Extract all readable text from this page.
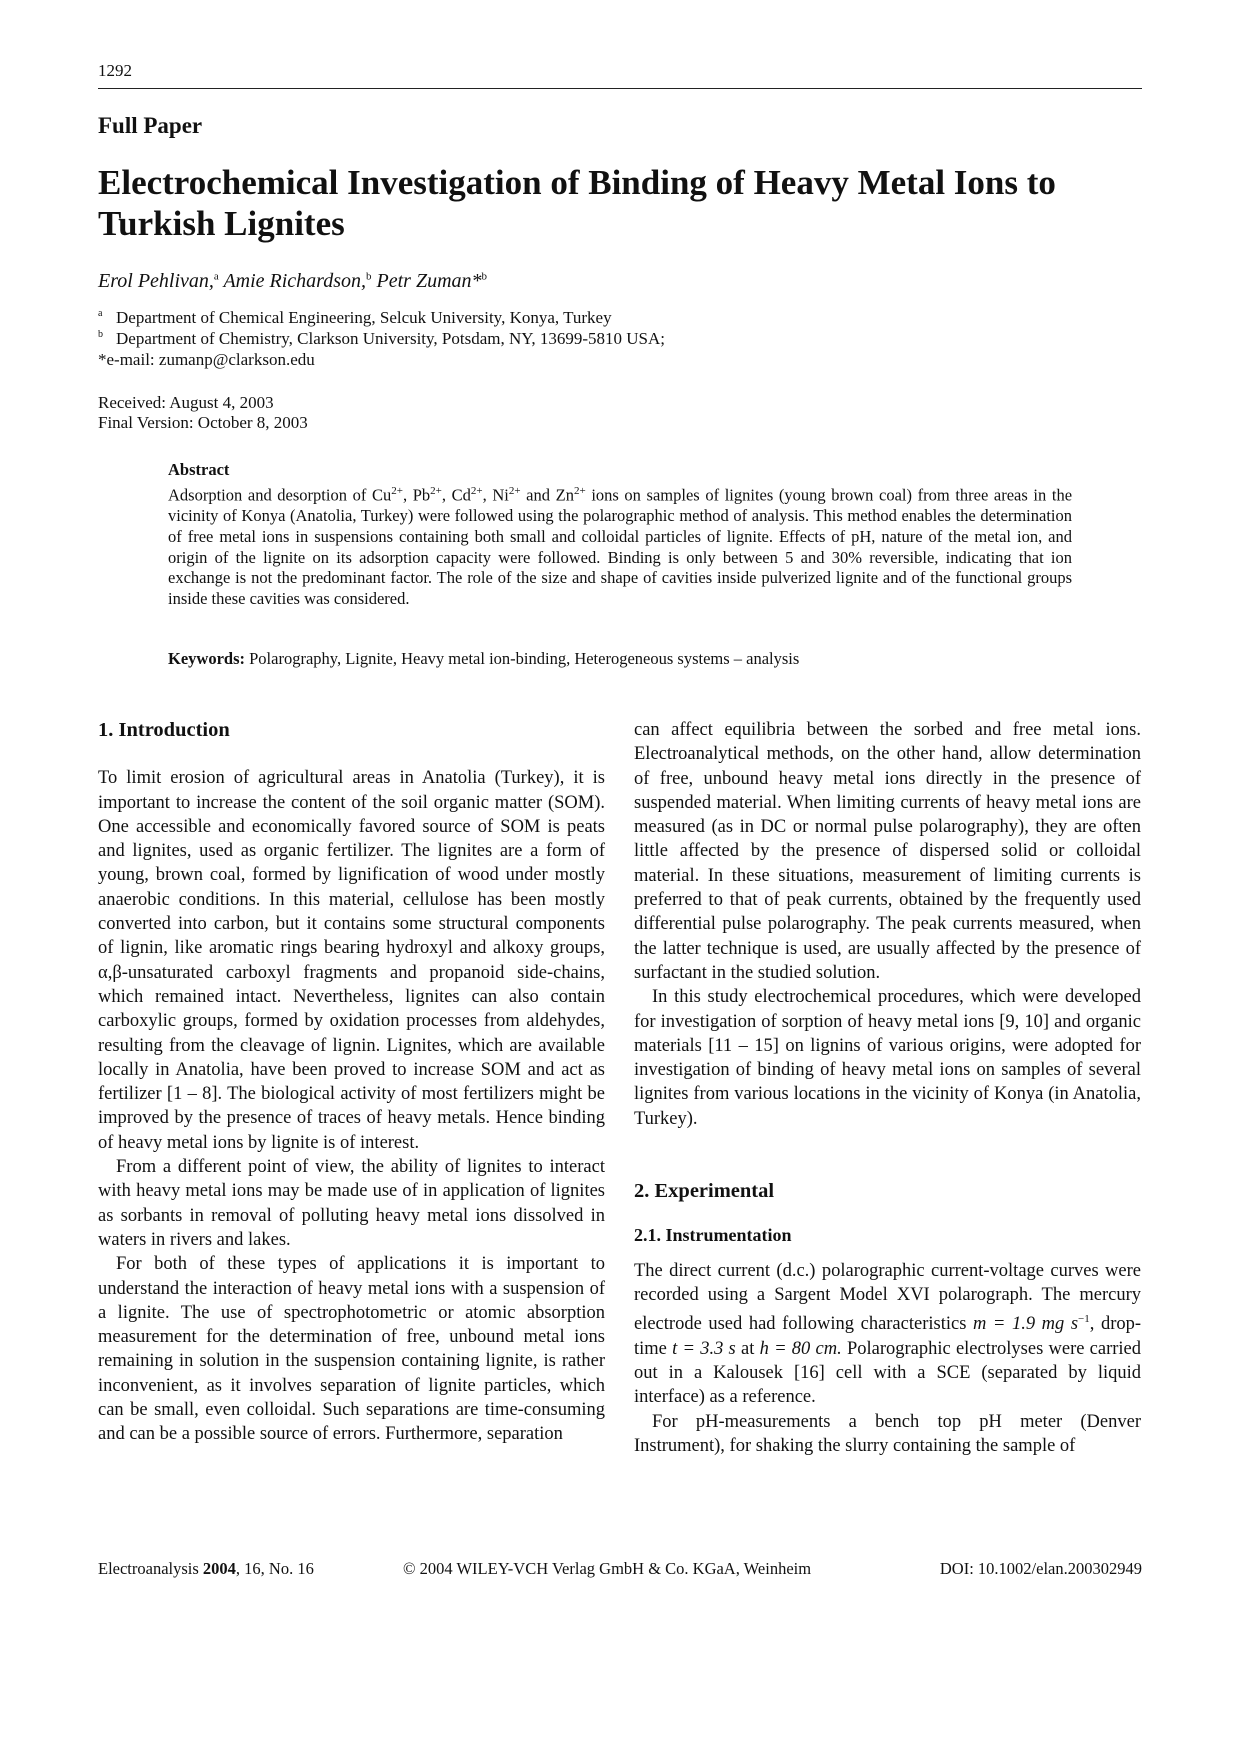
1292
Full Paper
Electrochemical Investigation of Binding of Heavy Metal Ions to Turkish Lignites
Erol Pehlivan,$^a$ Amie Richardson,$^b$ Petr Zuman*$^b$
a Department of Chemical Engineering, Selcuk University, Konya, Turkey
b Department of Chemistry, Clarkson University, Potsdam, NY, 13699-5810 USA;
*e-mail: zumanp@clarkson.edu
Received: August 4, 2003
Final Version: October 8, 2003
Abstract
Adsorption and desorption of $Cu^{2+}$, $Pb^{2+}$, $Cd^{2+}$, $Ni^{2+}$ and $Zn^{2+}$ ions on samples of lignites (young brown coal) from three areas in the vicinity of Konya (Anatolia, Turkey) were followed using the polarographic method of analysis. This method enables the determination of free metal ions in suspensions containing both small and colloidal particles of lignite. Effects of pH, nature of the metal ion, and origin of the lignite on its adsorption capacity were followed. Binding is only between 5 and 30% reversible, indicating that ion exchange is not the predominant factor. The role of the size and shape of cavities inside pulverized lignite and of the functional groups inside these cavities was considered.
Keywords: Polarography, Lignite, Heavy metal ion-binding, Heterogeneous systems – analysis

1. Introduction

To limit erosion of agricultural areas in Anatolia (Turkey), it is important to increase the content of the soil organic matter (SOM). One accessible and economically favored source of SOM is peats and lignites, used as organic fertilizer. The lignites are a form of young, brown coal, formed by lignification of wood under mostly anaerobic conditions. In this material, cellulose has been mostly converted into carbon, but it contains some structural components of lignin, like aromatic rings bearing hydroxyl and alkoxy groups, α,β-unsaturated carboxyl fragments and propanoid side-chains, which remained intact. Nevertheless, lignites can also contain carboxylic groups, formed by oxidation processes from aldehydes, resulting from the cleavage of lignin. Lignites, which are available locally in Anatolia, have been proved to increase SOM and act as fertilizer [1 – 8]. The biological activity of most fertilizers might be improved by the presence of traces of heavy metals. Hence binding of heavy metal ions by lignite is of interest.

From a different point of view, the ability of lignites to interact with heavy metal ions may be made use of in application of lignites as sorbants in removal of polluting heavy metal ions dissolved in waters in rivers and lakes.

For both of these types of applications it is important to understand the interaction of heavy metal ions with a suspension of a lignite. The use of spectrophotometric or atomic absorption measurement for the determination of free, unbound metal ions remaining in solution in the suspension containing lignite, is rather inconvenient, as it involves separation of lignite particles, which can be small, even colloidal. Such separations are time-consuming and can be a possible source of errors. Furthermore, separation

can affect equilibria between the sorbed and free metal ions. Electroanalytical methods, on the other hand, allow determination of free, unbound heavy metal ions directly in the presence of suspended material. When limiting currents of heavy metal ions are measured (as in DC or normal pulse polarography), they are often little affected by the presence of dispersed solid or colloidal material. In these situations, measurement of limiting currents is preferred to that of peak currents, obtained by the frequently used differential pulse polarography. The peak currents measured, when the latter technique is used, are usually affected by the presence of surfactant in the studied solution.

In this study electrochemical procedures, which were developed for investigation of sorption of heavy metal ions [9, 10] and organic materials [11 – 15] on lignins of various origins, were adopted for investigation of binding of heavy metal ions on samples of several lignites from various locations in the vicinity of Konya (in Anatolia, Turkey).

2. Experimental

2.1. Instrumentation

The direct current (d.c.) polarographic current-voltage curves were recorded using a Sargent Model XVI polarograph. The mercury electrode used had following characteristics m = 1.9 mg $s^{-1}$, drop-time t = 3.3 s at h = 80 cm. Polarographic electrolyses were carried out in a Kalousek [16] cell with a SCE (separated by liquid interface) as a reference.

For pH-measurements a bench top pH meter (Denver Instrument), for shaking the slurry containing the sample of

Electroanalysis 2004, 16, No. 16	© 2004 WILEY-VCH Verlag GmbH & Co. KGaA, Weinheim	DOI: 10.1002/elan.200302949
